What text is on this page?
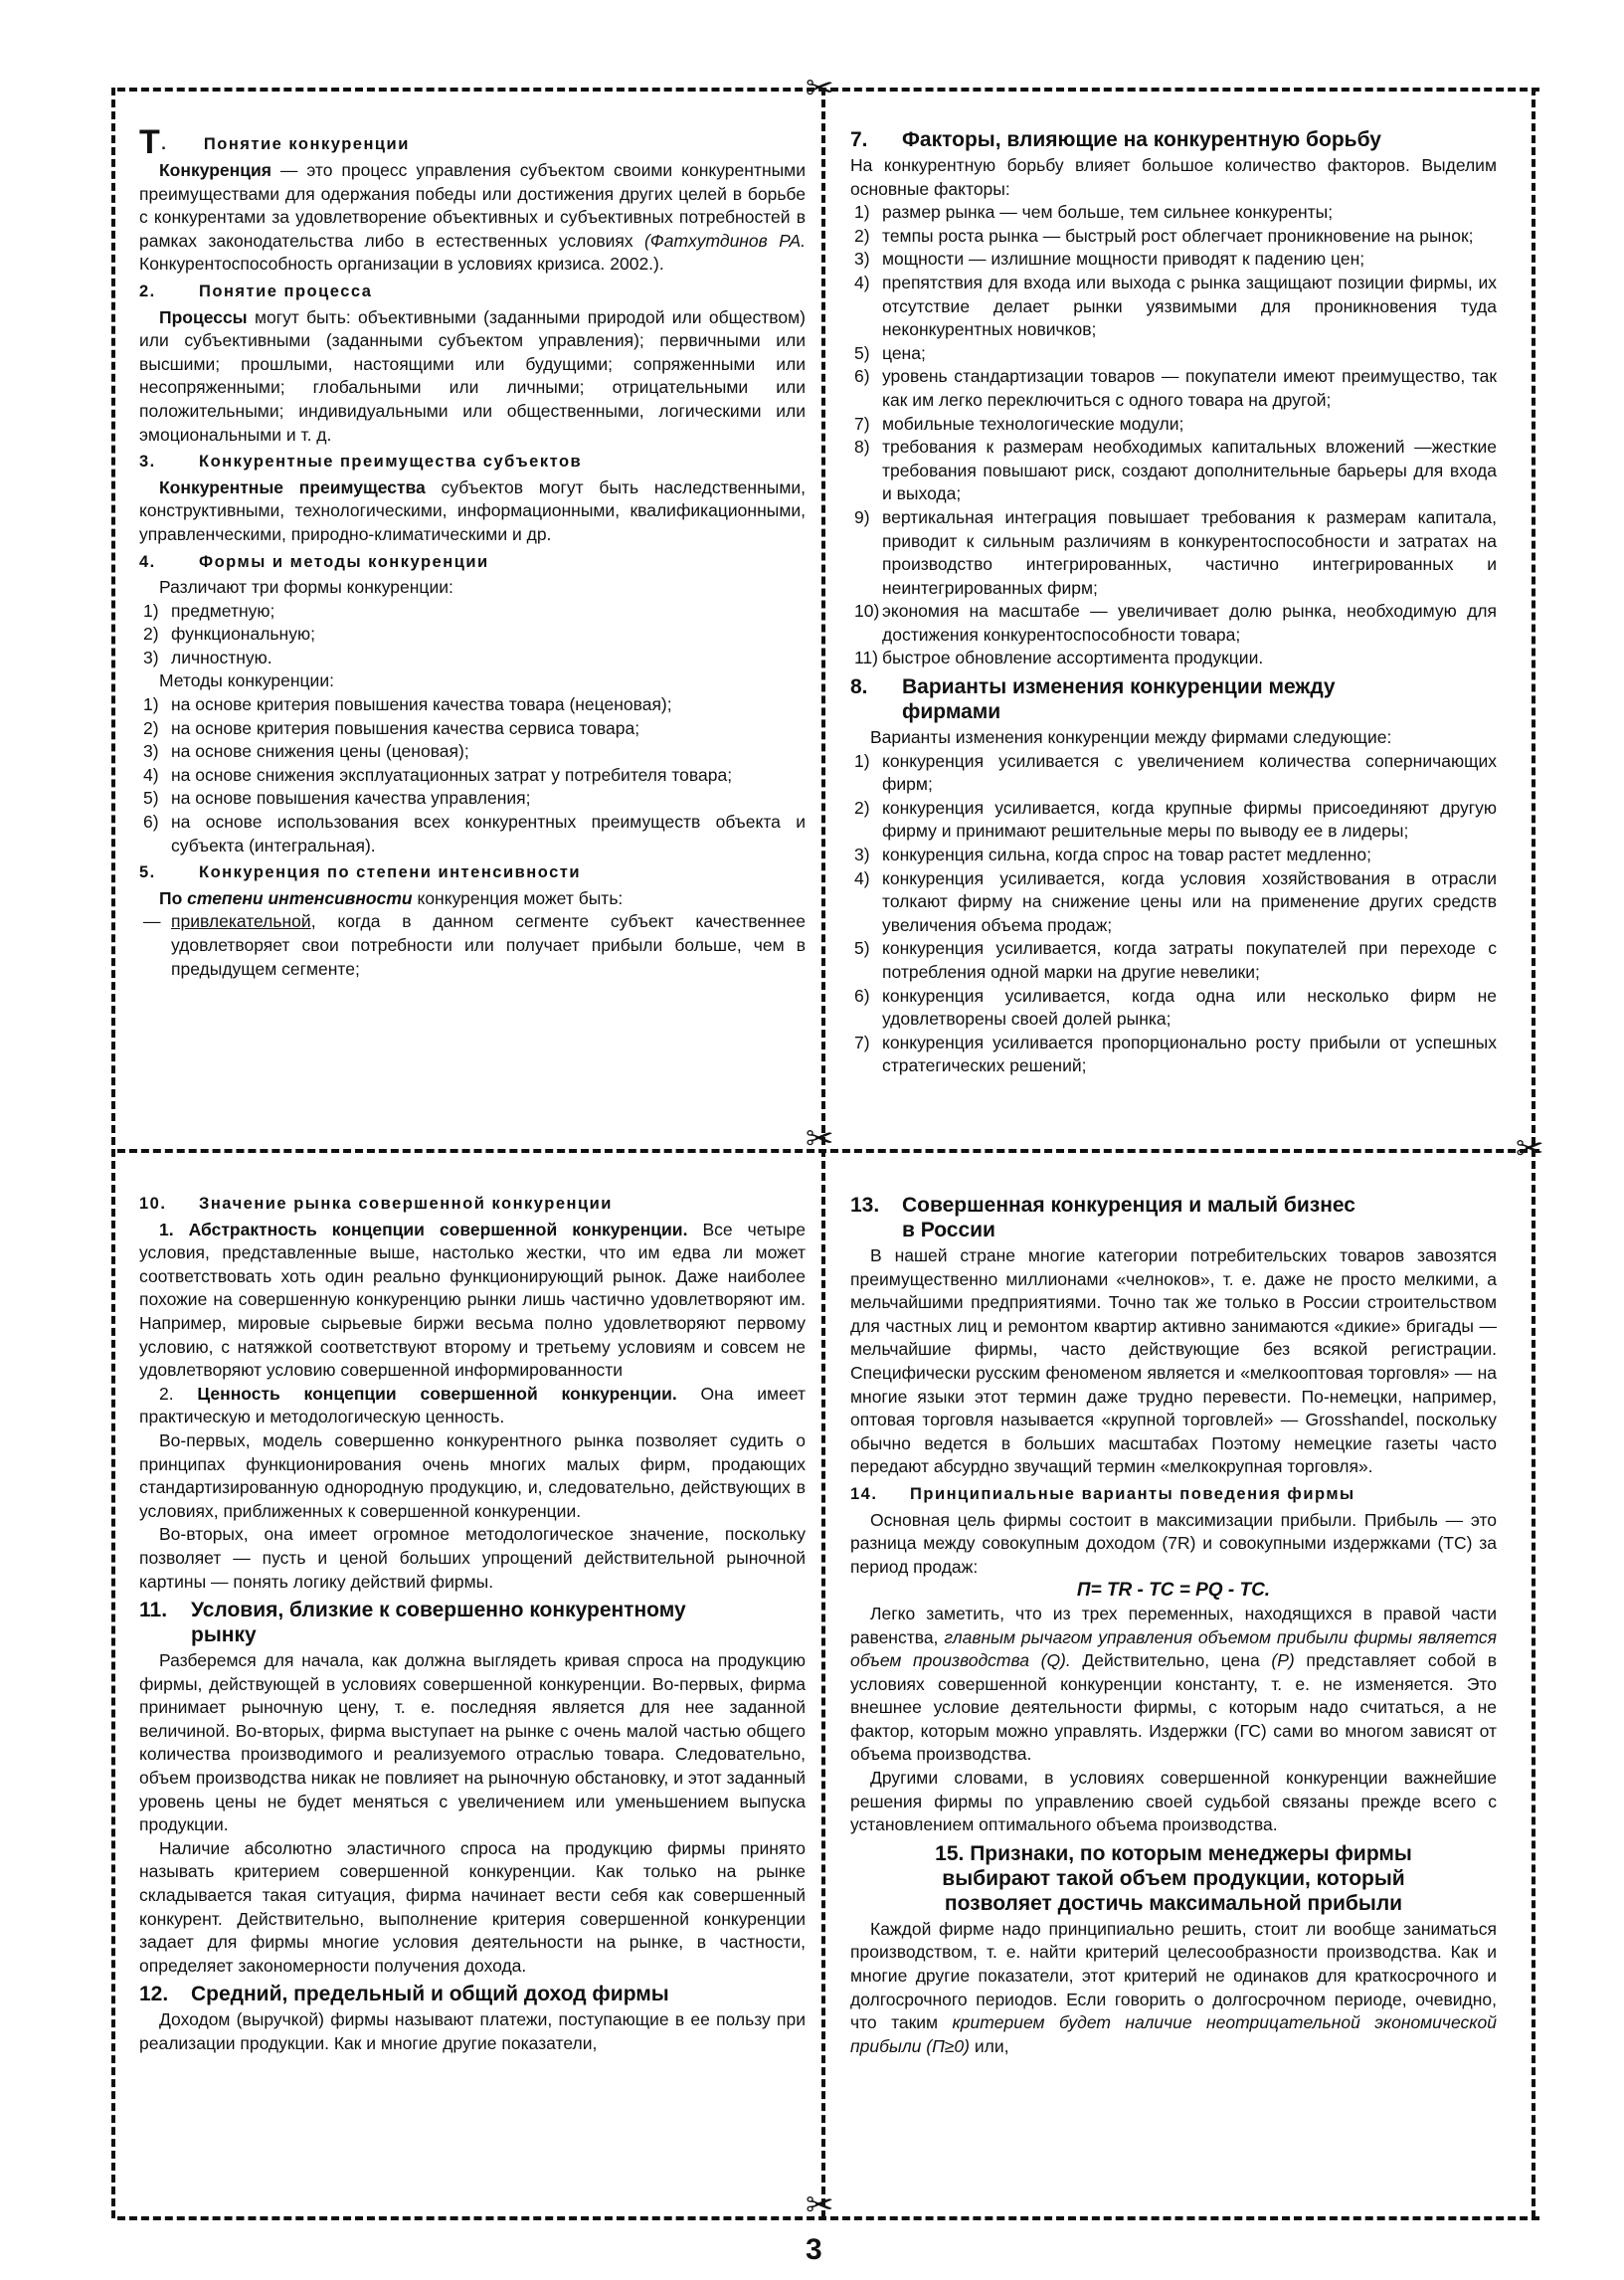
✂
✂	✂
✂
T.      Понятие конкуренции

Конкуренция — это процесс управления субъектом своими конкурентными преимуществами для одержания победы или достижения других целей в борьбе с конкурентами за удовлетворение объективных и субъективных потребностей в рамках законодательства либо в естественных условиях (Фатхутдинов РА. Конкурентоспособность организации в условиях кризиса. 2002.).

2.	Понятие процесса

Процессы могут быть: объективными (заданными природой или обществом) или субъективными (заданными субъектом управления); первичными или высшими; прошлыми, настоящими или будущими; сопряженными или несопряженными; глобальными или личными; отрицательными или положительными; индивидуальными или общественными, логическими или эмоциональными и т. д.

3.	Конкурентные преимущества субъектов

Конкурентные преимущества субъектов могут быть наследственными, конструктивными, технологическими, информационными, квалификационными, управленческими, природно-климатическими и др.

4.	Формы и методы конкуренции

Различают три формы конкуренции:

1) предметную;
2) функциональную;
3) личностную.

Методы конкуренции:

1) на основе критерия повышения качества товара (неценовая);
2) на основе критерия повышения качества сервиса товара;
3) на основе снижения цены (ценовая);
4) на основе снижения эксплуатационных затрат у потребителя товара;
5) на основе повышения качества управления;
6) на основе использования всех конкурентных преимуществ объекта и субъекта (интегральная).
5.	Конкуренция по степени интенсивности

По степени интенсивности конкуренция может быть:

— привлекательной, когда в данном сегменте субъект качественнее удовлетворяет свои потребности или получает прибыли больше, чем в предыдущем сегменте;
7. Факторы, влияющие на конкурентную борьбу

На конкурентную борьбу влияет большое количество факторов. Выделим основные факторы:

1) размер рынка — чем больше, тем сильнее конкуренты;
2) темпы роста рынка — быстрый рост облегчает проникновение на рынок;
3) мощности — излишние мощности приводят к падению цен;
4) препятствия для входа или выхода с рынка защищают позиции фирмы, их отсутствие делает рынки уязвимыми для проникновения туда неконкурентных новичков;
5) цена;
6) уровень стандартизации товаров — покупатели имеют преимущество, так как им легко переключиться с одного товара на другой;
7) мобильные технологические модули;
8) требования к размерам необходимых капитальных вложений —жесткие требования повышают риск, создают дополнительные барьеры для входа и выхода;
9) вертикальная интеграция повышает требования к размерам капитала, приводит к сильным различиям в конкурентоспособности и затратах на производство интегрированных, частично интегрированных и неинтегрированных фирм;
10) экономия на масштабе — увеличивает долю рынка, необходимую для достижения конкурентоспособности товара;
11) быстрое обновление ассортимента продукции.
8. Варианты изменения конкуренции между
фирмами

Варианты изменения конкуренции между фирмами следующие:

1) конкуренция усиливается с увеличением количества соперничающих фирм;
2) конкуренция усиливается, когда крупные фирмы присоединяют другую фирму и принимают решительные меры по выводу ее в лидеры;
3) конкуренция сильна, когда спрос на товар растет медленно;
4) конкуренция усиливается, когда условия хозяйствования в отрасли толкают фирму на снижение цены или на применение других средств увеличения объема продаж;
5) конкуренция усиливается, когда затраты покупателей при переходе с потребления одной марки на другие невелики;
6) конкуренция усиливается, когда одна или несколько фирм не удовлетворены своей долей рынка;
7) конкуренция усиливается пропорционально росту прибыли от успешных стратегических решений;
10. Значение рынка совершенной конкуренции

1. Абстрактность концепции совершенной конкуренции. Все четыре условия, представленные выше, настолько жестки, что им едва ли может соответствовать хоть один реально функционирующий рынок. Даже наиболее похожие на совершенную конкуренцию рынки лишь частично удовлетворяют им. Например, мировые сырьевые биржи весьма полно удовлетворяют первому условию, с натяжкой соответствуют второму и третьему условиям и совсем не удовлетворяют условию совершенной информированности

2. Ценность концепции совершенной конкуренции. Она имеет практическую и методологическую ценность.

Во-первых, модель совершенно конкурентного рынка позволяет судить о принципах функционирования очень многих малых фирм, продающих стандартизированную однородную продукцию, и, следовательно, действующих в условиях, приближенных к совершенной конкуренции.

Во-вторых, она имеет огромное методологическое значение, поскольку позволяет — пусть и ценой больших упрощений действительной рыночной картины — понять логику действий фирмы.

11. Условия, близкие к совершенно конкурентному
рынку

Разберемся для начала, как должна выглядеть кривая спроса на продукцию фирмы, действующей в условиях совершенной конкуренции. Во-первых, фирма принимает рыночную цену, т. е. последняя является для нее заданной величиной. Во-вторых, фирма выступает на рынке с очень малой частью общего количества производимого и реализуемого отраслью товара. Следовательно, объем производства никак не повлияет на рыночную обстановку, и этот заданный уровень цены не будет меняться с увеличением или уменьшением выпуска продукции.

Наличие абсолютно эластичного спроса на продукцию фирмы принято называть критерием совершенной конкуренции. Как только на рынке складывается такая ситуация, фирма начинает вести себя как совершенный конкурент. Действительно, выполнение критерия совершенной конкуренции задает для фирмы многие условия деятельности на рынке, в частности, определяет закономерности получения дохода.

12. Средний, предельный и общий доход фирмы

Доходом (выручкой) фирмы называют платежи, поступающие в ее пользу при реализации продукции. Как и многие другие показатели,

13. Совершенная конкуренция и малый бизнес
в России

В нашей стране многие категории потребительских товаров завозятся преимущественно миллионами «челноков», т. е. даже не просто мелкими, а мельчайшими предприятиями. Точно так же только в России строительством для частных лиц и ремонтом квартир активно занимаются «дикие» бригады — мельчайшие фирмы, часто действующие без всякой регистрации. Специфически русским феноменом является и «мелкооптовая торговля» — на многие языки этот термин даже трудно перевести. По-немецки, например, оптовая торговля называется «крупной торговлей» — Grosshandel, поскольку обычно ведется в больших масштабах Поэтому немецкие газеты часто передают абсурдно звучащий термин «мелкокрупная торговля».

14. Принципиальные варианты поведения фирмы

Основная цель фирмы состоит в максимизации прибыли. Прибыль — это разница между совокупным доходом (7R) и совокупными издержками (ТС) за период продаж:

П= TR - ТС = PQ - ТС.

Легко заметить, что из трех переменных, находящихся в правой части равенства, главным рычагом управления объемом прибыли фирмы является объем производства (Q). Действительно, цена (Р) представляет собой в условиях совершенной конкуренции константу, т. е. не изменяется. Это внешнее условие деятельности фирмы, с которым надо считаться, а не фактор, которым можно управлять. Издержки (ГС) сами во многом зависят от объема производства.

Другими словами, в условиях совершенной конкуренции важнейшие решения фирмы по управлению своей судьбой связаны прежде всего с установлением оптимального объема производства.

15. Признаки, по которым менеджеры фирмы
выбирают такой объем продукции, который
позволяет достичь максимальной прибыли

Каждой фирме надо принципиально решить, стоит ли вообще заниматься производством, т. е. найти критерий целесообразности производства. Как и многие другие показатели, этот критерий не одинаков для краткосрочного и долгосрочного периодов. Если говорить о долгосрочном периоде, очевидно, что таким критерием будет наличие неотрицательной экономической прибыли (П≥0) или,

3
